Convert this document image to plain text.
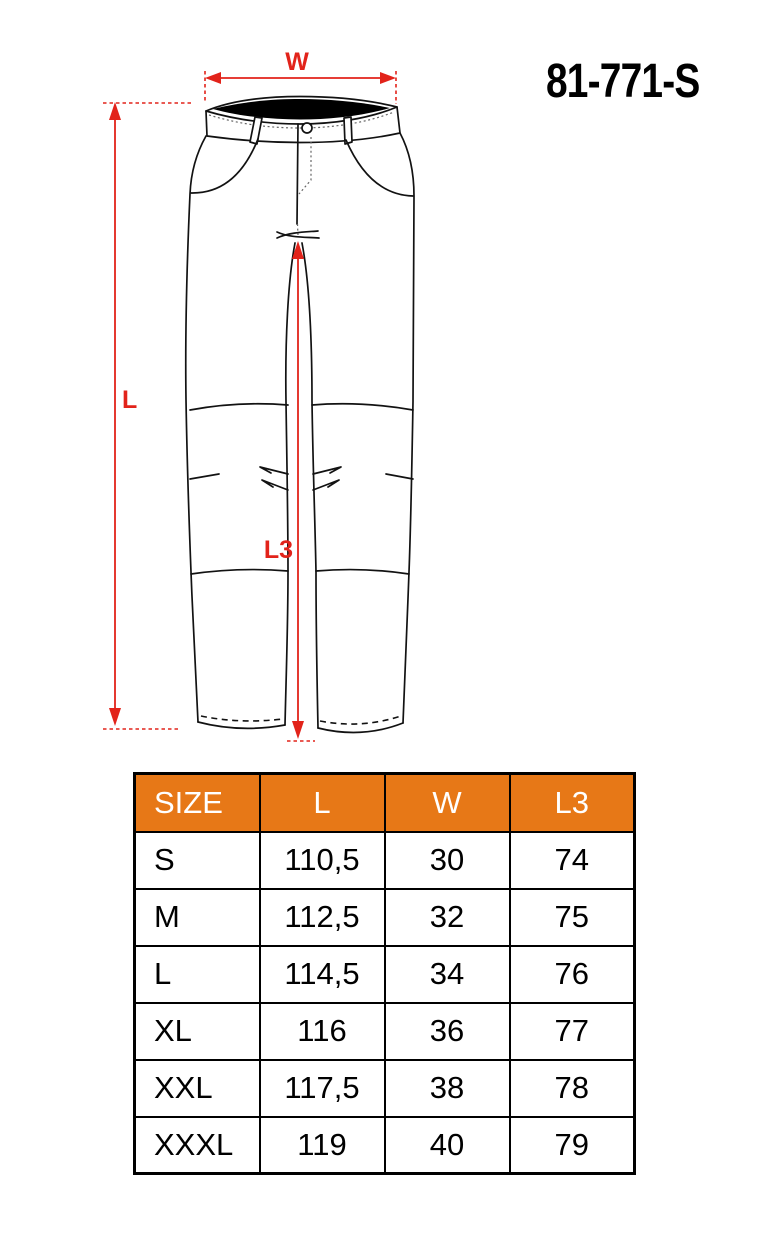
81-771-S
W
L
L3
SIZE	L	W	L3
S	110,5	30	74
M	112,5	32	75
L	114,5	34	76
XL	116	36	77
XXL	117,5	38	78
XXXL	119	40	79
